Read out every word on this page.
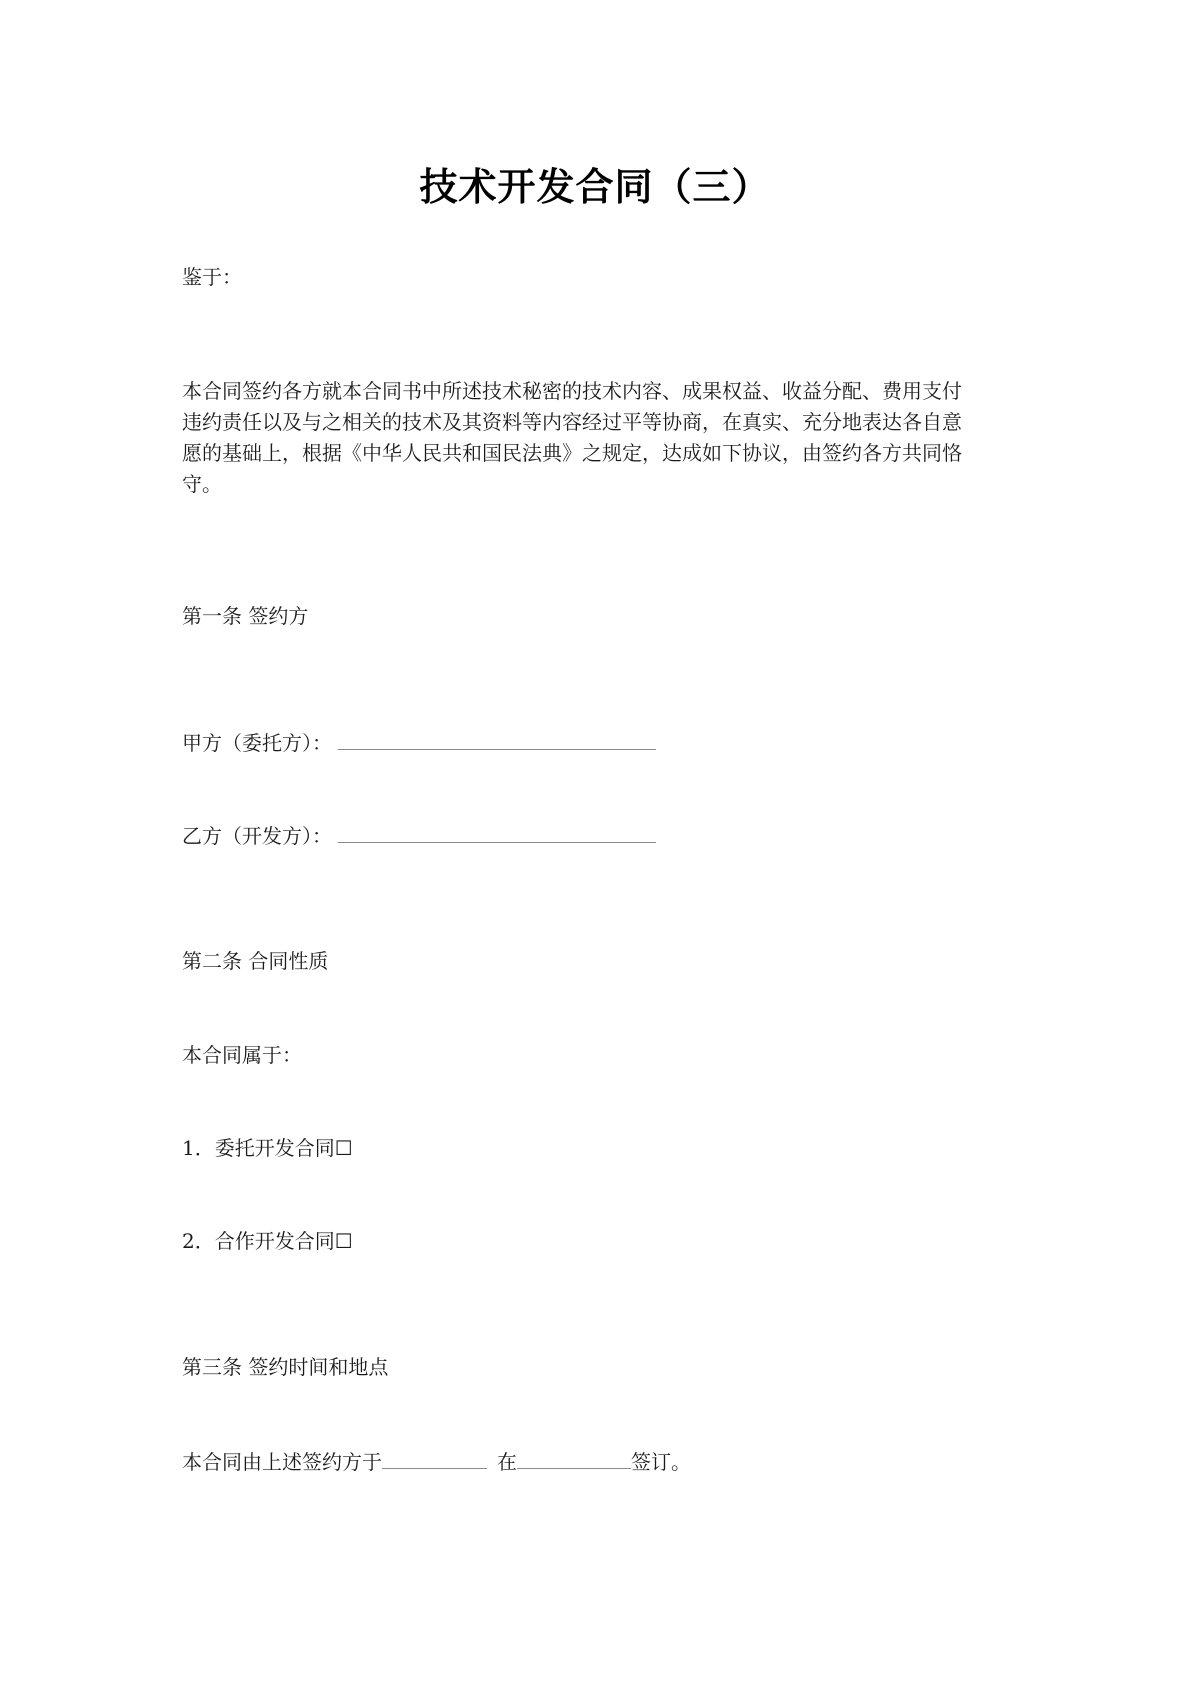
技术开发合同（三）
鉴于：
本合同签约各方就本合同书中所述技术秘密的技术内容、成果权益、收益分配、费用支付
违约责任以及与之相关的技术及其资料等内容经过平等协商，在真实、充分地表达各自意
愿的基础上，根据《中华人民共和国民法典》之规定，达成如下协议，由签约各方共同恪
守。
第一条 签约方
甲方（委托方）：
乙方（开发方）：
第二条 合同性质
本合同属于：
1．委托开发合同☐
2．合作开发合同☐
第三条 签约时间和地点
本合同由上述签约方于	在	签订。
